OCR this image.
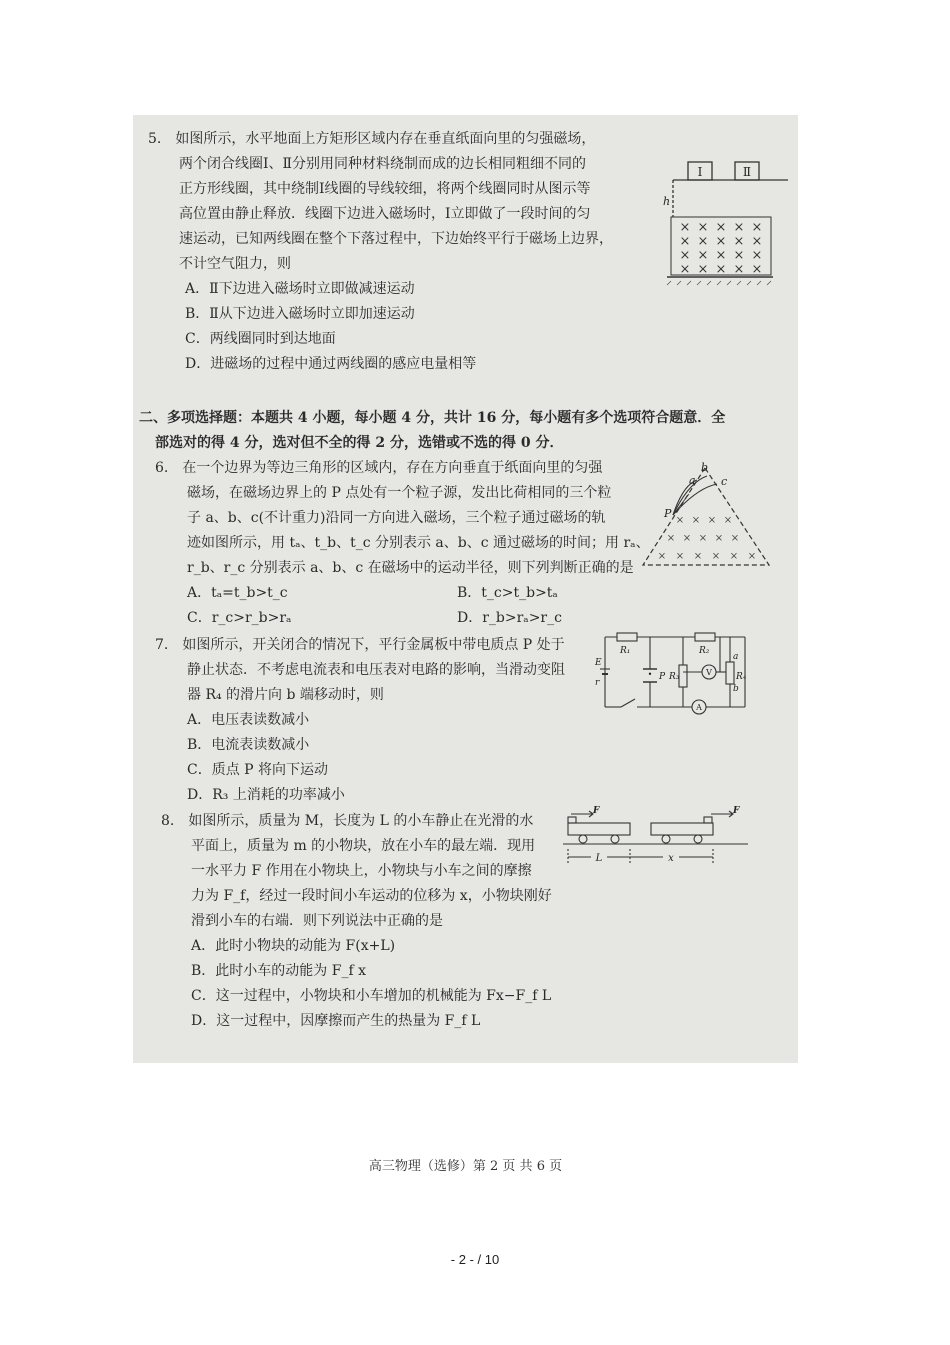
5.　如图所示，水平地面上方矩形区域内存在垂直纸面向里的匀强磁场，
两个闭合线圈Ⅰ、Ⅱ分别用同种材料绕制而成的边长相同粗细不同的
正方形线圈，其中绕制Ⅰ线圈的导线较细，将两个线圈同时从图示等
高位置由静止释放．线圈下边进入磁场时，Ⅰ立即做了一段时间的匀
速运动，已知两线圈在整个下落过程中，下边始终平行于磁场上边界，
不计空气阻力，则
A．Ⅱ下边进入磁场时立即做减速运动
B．Ⅱ从下边进入磁场时立即加速运动
C．两线圈同时到达地面
D．进磁场的过程中通过两线圈的感应电量相等
Ⅰ	Ⅱ
h
× × × × ×
× × × × ×
× × × × ×
× × × × ×
二、多项选择题：本题共 4 小题，每小题 4 分，共计 16 分，每小题有多个选项符合题意．全
部选对的得 4 分，选对但不全的得 2 分，选错或不选的得 0 分．
6.　在一个边界为等边三角形的区域内，存在方向垂直于纸面向里的匀强
磁场，在磁场边界上的 P 点处有一个粒子源，发出比荷相同的三个粒
子 a、b、c(不计重力)沿同一方向进入磁场，三个粒子通过磁场的轨
迹如图所示，用 tₐ、t_b、t_c 分别表示 a、b、c 通过磁场的时间；用 rₐ、
r_b、r_c 分别表示 a、b、c 在磁场中的运动半径，则下列判断正确的是
A．tₐ=t_b>t_c	B．t_c>t_b>tₐ
C．r_c>r_b>rₐ	D．r_b>rₐ>r_c
P
a
b
c
× × × ×
× × × × ×
× × × × × ×
7.　如图所示，开关闭合的情况下，平行金属板中带电质点 P 处于
静止状态．不考虑电流表和电压表对电路的影响，当滑动变阻
器 R₄ 的滑片向 b 端移动时，则
A．电压表读数减小
B．电流表读数减小
C．质点 P 将向下运动
D．R₃ 上消耗的功率减小
• P
R₁	R₂
R₃	R₄
E
r
a
b
V
A
8.　如图所示，质量为 M，长度为 L 的小车静止在光滑的水
平面上，质量为 m 的小物块，放在小车的最左端．现用
一水平力 F 作用在小物块上，小物块与小车之间的摩擦
力为 F_f，经过一段时间小车运动的位移为 x，小物块刚好
滑到小车的右端．则下列说法中正确的是
A．此时小物块的动能为 F(x+L)
B．此时小车的动能为 F_f x
C．这一过程中，小物块和小车增加的机械能为 Fx−F_f L
D．这一过程中，因摩擦而产生的热量为 F_f L
F	F
L	x
高三物理（选修）第 2 页 共 6 页
- 2 - / 10
